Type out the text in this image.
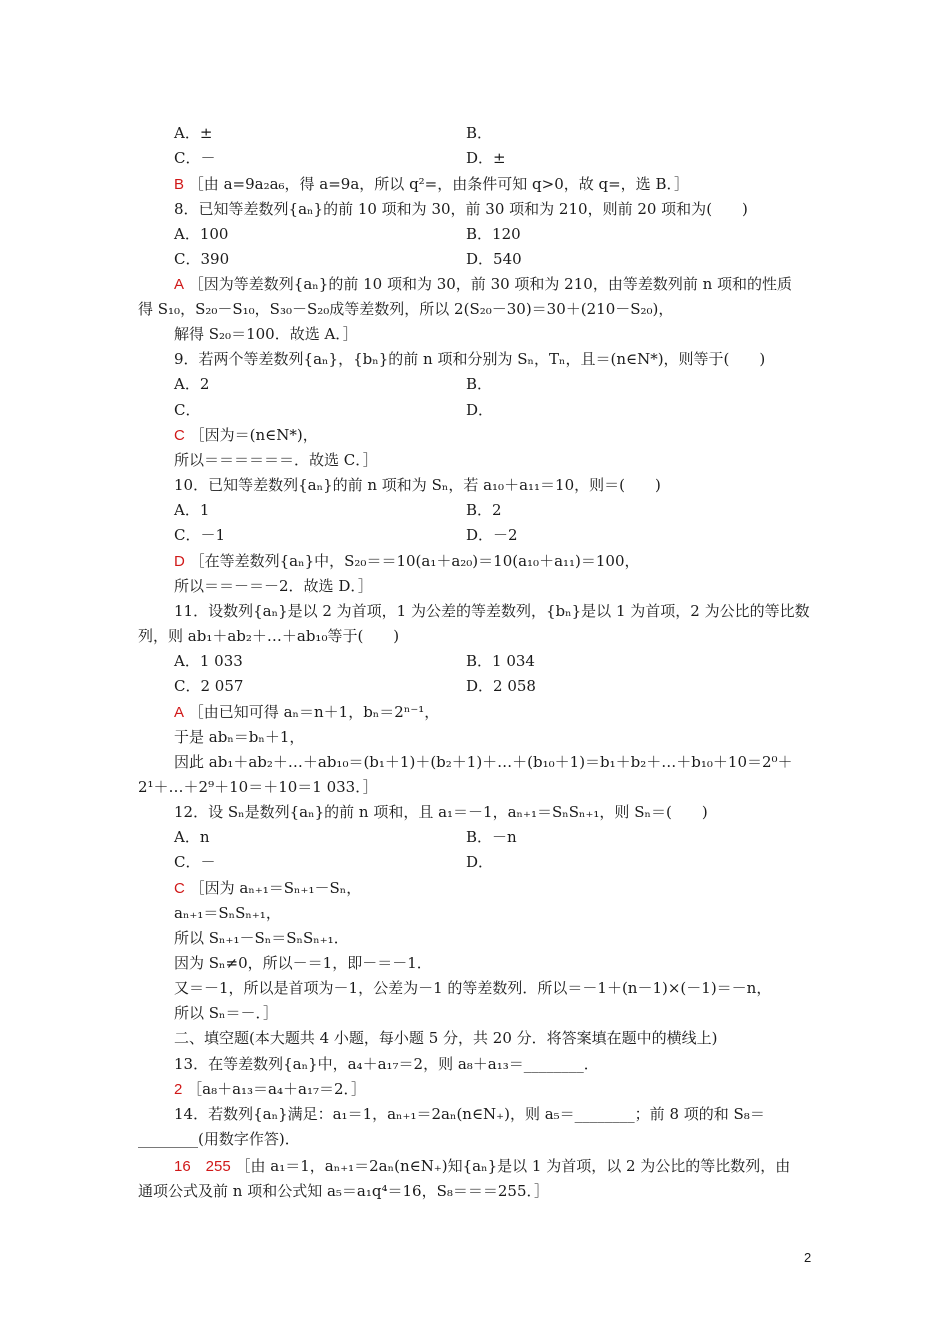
A．±	B．
C．－	D．±
B ［由 a=9a₂a₆，得 a=9a，所以 q²=，由条件可知 q>0，故 q=，选 B．］
8．已知等差数列{aₙ}的前 10 项和为 30，前 30 项和为 210，则前 20 项和为(　　)
A．100	B．120
C．390	D．540
A ［因为等差数列{aₙ}的前 10 项和为 30，前 30 项和为 210，由等差数列前 n 项和的性质
得 S₁₀，S₂₀－S₁₀，S₃₀－S₂₀成等差数列，所以 2(S₂₀－30)＝30＋(210－S₂₀)，
解得 S₂₀＝100．故选 A．］
9．若两个等差数列{aₙ}，{bₙ}的前 n 项和分别为 Sₙ，Tₙ，且＝(n∈N*)，则等于(　　)
A．2	B．
C．	D．
C ［因为＝(n∈N*)，
所以＝＝＝＝＝＝．故选 C．］
10．已知等差数列{aₙ}的前 n 项和为 Sₙ，若 a₁₀＋a₁₁＝10，则＝(　　)
A．1	B．2
C．－1	D．－2
D ［在等差数列{aₙ}中，S₂₀＝＝10(a₁＋a₂₀)＝10(a₁₀＋a₁₁)＝100，
所以＝＝－＝－2．故选 D．］
11．设数列{aₙ}是以 2 为首项，1 为公差的等差数列，{bₙ}是以 1 为首项，2 为公比的等比数
列，则 ab₁＋ab₂＋…＋ab₁₀等于(　　)
A．1 033	B．1 034
C．2 057	D．2 058
A ［由已知可得 aₙ＝n＋1，bₙ＝2ⁿ⁻¹，
于是 abₙ＝bₙ＋1，
因此 ab₁＋ab₂＋…＋ab₁₀＝(b₁＋1)＋(b₂＋1)＋…＋(b₁₀＋1)＝b₁＋b₂＋…＋b₁₀＋10＝2⁰＋
2¹＋…＋2⁹＋10＝＋10＝1 033．］
12．设 Sₙ是数列{aₙ}的前 n 项和，且 a₁＝－1，aₙ₊₁＝SₙSₙ₊₁，则 Sₙ＝(　　)
A．n	B．－n
C．－	D．
C ［因为 aₙ₊₁＝Sₙ₊₁－Sₙ，
aₙ₊₁＝SₙSₙ₊₁，
所以 Sₙ₊₁－Sₙ＝SₙSₙ₊₁．
因为 Sₙ≠0，所以－＝1，即－＝－1．
又＝－1，所以是首项为－1，公差为－1 的等差数列．所以＝－1＋(n－1)×(－1)＝－n，
所以 Sₙ＝－．］
二、填空题(本大题共 4 小题，每小题 5 分，共 20 分．将答案填在题中的横线上)
13．在等差数列{aₙ}中，a₄＋a₁₇＝2，则 a₈＋a₁₃＝________．
2 ［a₈＋a₁₃＝a₄＋a₁₇＝2．］
14．若数列{aₙ}满足：a₁＝1，aₙ₊₁＝2aₙ(n∈N₊)，则 a₅＝________；前 8 项的和 S₈＝
________(用数字作答)．
16　255 ［由 a₁＝1，aₙ₊₁＝2aₙ(n∈N₊)知{aₙ}是以 1 为首项，以 2 为公比的等比数列，由
通项公式及前 n 项和公式知 a₅＝a₁q⁴＝16，S₈＝＝＝255．］
2
